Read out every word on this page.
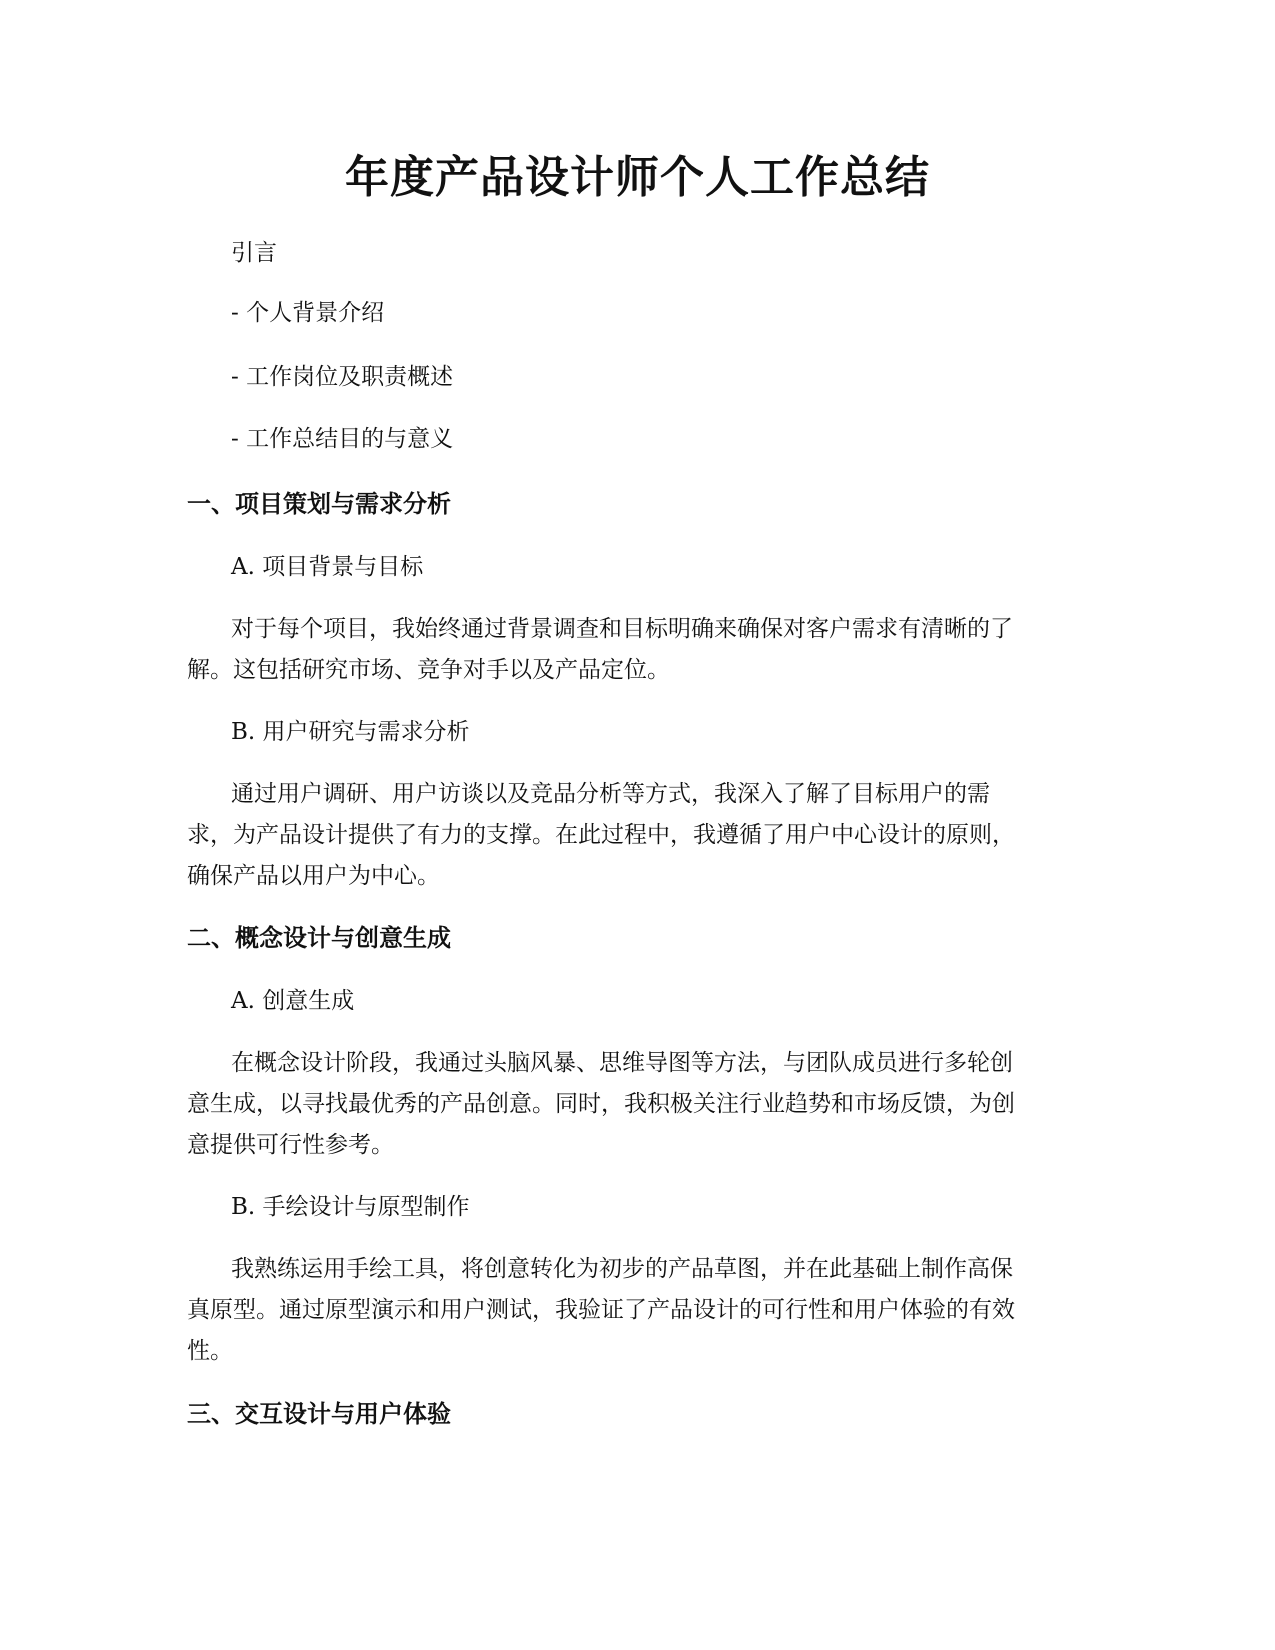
年度产品设计师个人工作总结

引言

- 个人背景介绍

- 工作岗位及职责概述

- 工作总结目的与意义

一、项目策划与需求分析

A. 项目背景与目标

对于每个项目，我始终通过背景调查和目标明确来确保对客户需求有清晰的了

解。这包括研究市场、竞争对手以及产品定位。

B. 用户研究与需求分析

通过用户调研、用户访谈以及竞品分析等方式，我深入了解了目标用户的需

求，为产品设计提供了有力的支撑。在此过程中，我遵循了用户中心设计的原则，

确保产品以用户为中心。

二、概念设计与创意生成

A. 创意生成

在概念设计阶段，我通过头脑风暴、思维导图等方法，与团队成员进行多轮创

意生成，以寻找最优秀的产品创意。同时，我积极关注行业趋势和市场反馈，为创

意提供可行性参考。

B. 手绘设计与原型制作

我熟练运用手绘工具，将创意转化为初步的产品草图，并在此基础上制作高保

真原型。通过原型演示和用户测试，我验证了产品设计的可行性和用户体验的有效

性。

三、交互设计与用户体验
